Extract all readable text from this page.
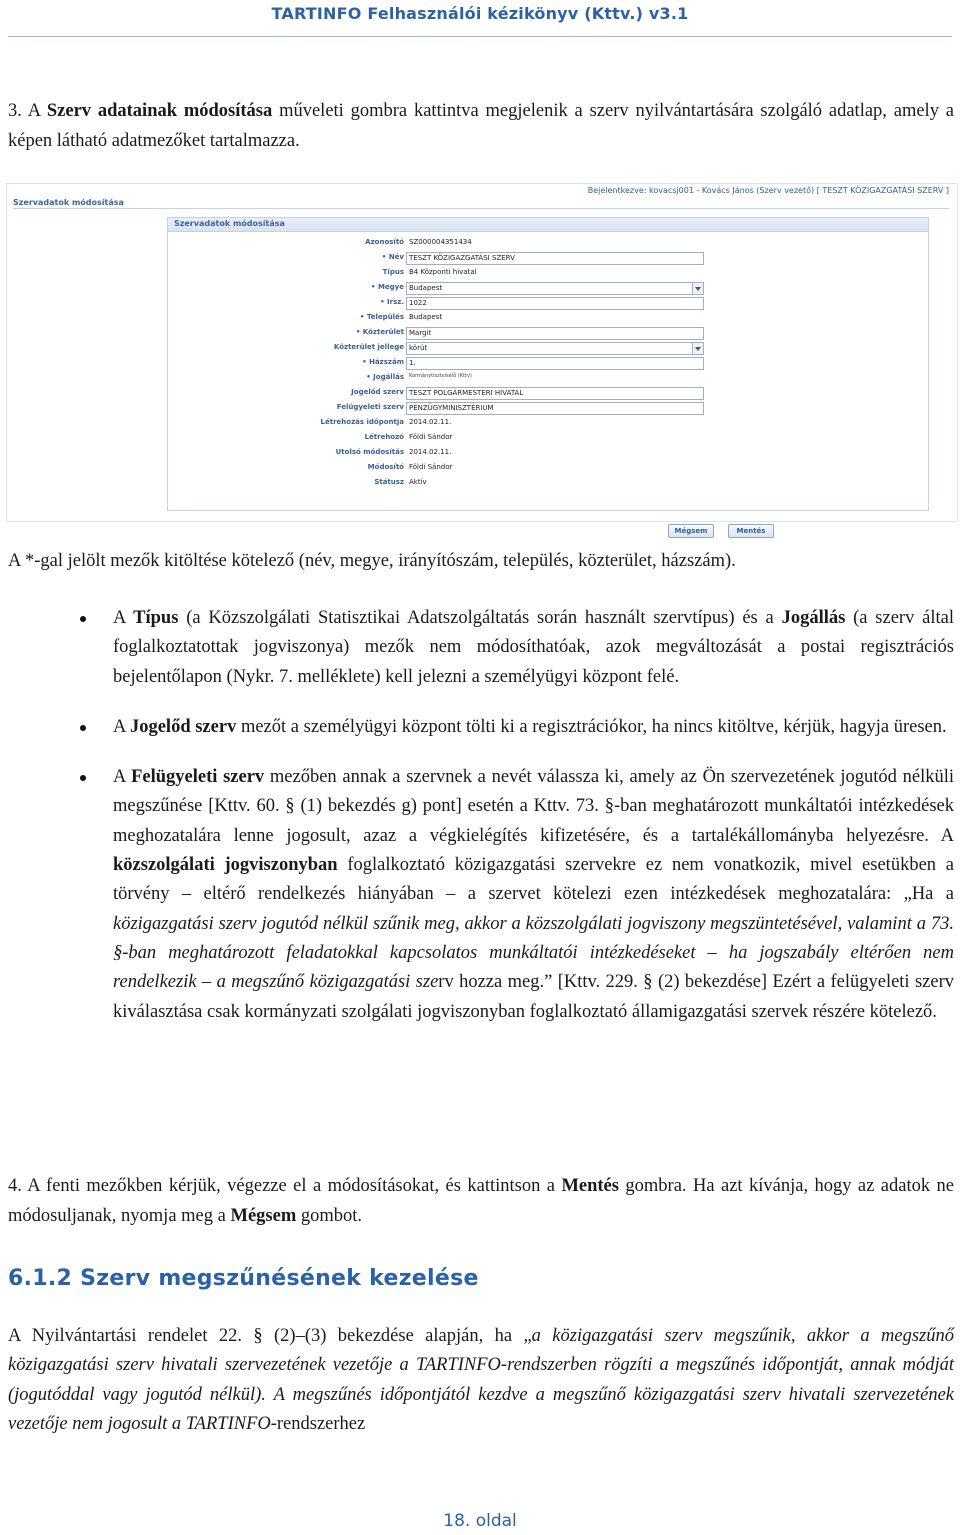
TARTINFO Felhasználói kézikönyv (Kttv.) v3.1
3. A Szerv adatainak módosítása műveleti gombra kattintva megjelenik a szerv nyilvántartására szolgáló adatlap, amely a képen látható adatmezőket tartalmazza.
Bejelentkezve: kovacsj001 - Kovács János (Szerv vezető) [ TESZT KÖZIGAZGATÁSI SZERV ]
Szervadatok módosítása
Szervadatok módosítása
Azonosító SZ000004351434
• Név TESZT KÖZIGAZGATÁSI SZERV
Típus B4 Központi hivatal
• Megye Budapest
• Irsz. 1022
• Település Budapest
• Közterület Margit
Közterület jellege körút
• Házszám 1.
• Jogállás Kormánytisztviselő (Kttv)
Jogelőd szerv TESZT POLGÁRMESTERI HIVATAL
Felügyeleti szerv PÉNZÜGYMINISZTÉRIUM
Létrehozás időpontja 2014.02.11.
Létrehozó Földi Sándor
Utolsó módosítás 2014.02.11.
Módosító Földi Sándor
Státusz Aktív
Mégsem	Mentés
A *-gal jelölt mezők kitöltése kötelező (név, megye, irányítószám, település, közterület, házszám).
A Típus (a Közszolgálati Statisztikai Adatszolgáltatás során használt szervtípus) és a Jogállás (a szerv által foglalkoztatottak jogviszonya) mezők nem módosíthatóak, azok megváltozását a postai regisztrációs bejelentőlapon (Nykr. 7. melléklete) kell jelezni a személyügyi központ felé.
A Jogelőd szerv mezőt a személyügyi központ tölti ki a regisztrációkor, ha nincs kitöltve, kérjük, hagyja üresen.
A Felügyeleti szerv mezőben annak a szervnek a nevét válassza ki, amely az Ön szervezetének jogutód nélküli megszűnése [Kttv. 60. § (1) bekezdés g) pont] esetén a Kttv. 73. §-ban meghatározott munkáltatói intézkedések meghozatalára lenne jogosult, azaz a végkielégítés kifizetésére, és a tartalékállományba helyezésre. A közszolgálati jogviszonyban foglalkoztató közigazgatási szervekre ez nem vonatkozik, mivel esetükben a törvény – eltérő rendelkezés hiányában – a szervet kötelezi ezen intézkedések meghozatalára: „Ha a közigazgatási szerv jogutód nélkül szűnik meg, akkor a közszolgálati jogviszony megszüntetésével, valamint a 73. §-ban meghatározott feladatokkal kapcsolatos munkáltatói intézkedéseket – ha jogszabály eltérően nem rendelkezik – a megszűnő közigazgatási szerv hozza meg.” [Kttv. 229. § (2) bekezdése] Ezért a felügyeleti szerv kiválasztása csak kormányzati szolgálati jogviszonyban foglalkoztató államigazgatási szervek részére kötelező.
4. A fenti mezőkben kérjük, végezze el a módosításokat, és kattintson a Mentés gombra. Ha azt kívánja, hogy az adatok ne módosuljanak, nyomja meg a Mégsem gombot.
6.1.2 Szerv megszűnésének kezelése
A Nyilvántartási rendelet 22. § (2)–(3) bekezdése alapján, ha „a közigazgatási szerv megszűnik, akkor a megszűnő közigazgatási szerv hivatali szervezetének vezetője a TARTINFO-rendszerben rögzíti a megszűnés időpontját, annak módját (jogutóddal vagy jogutód nélkül). A megszűnés időpontjától kezdve a megszűnő közigazgatási szerv hivatali szervezetének vezetője nem jogosult a TARTINFO-rendszerhez
18. oldal
